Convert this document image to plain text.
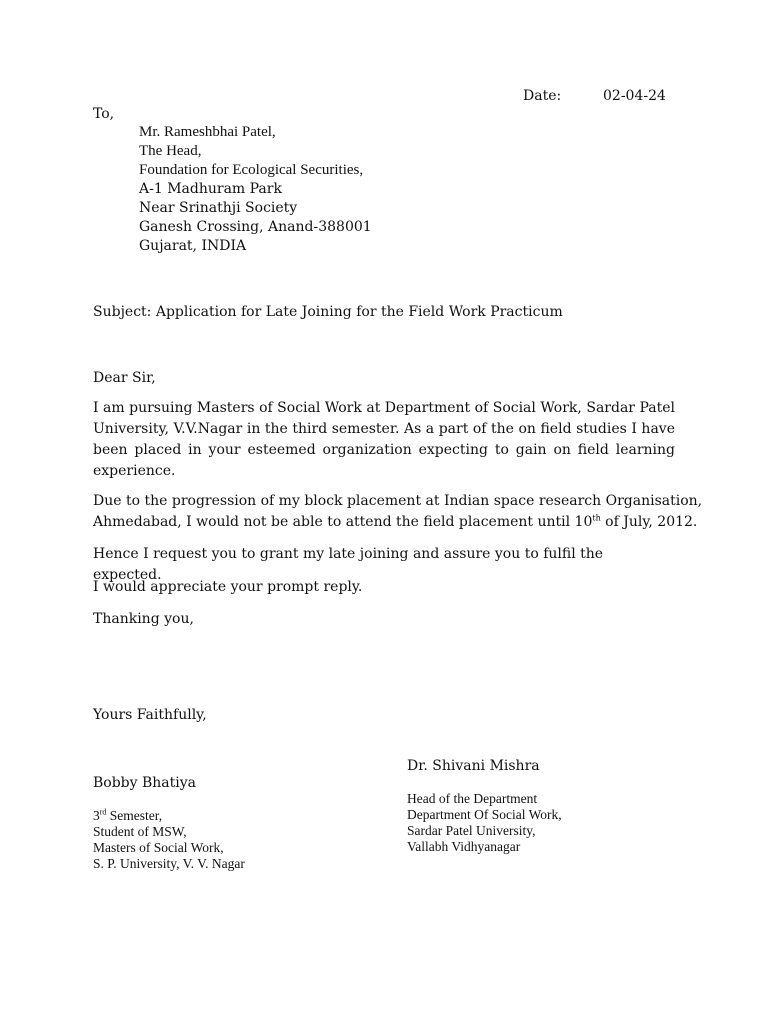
Date:	02-04-24
To,
Mr. Rameshbhai Patel,
The Head,
Foundation for Ecological Securities,
A-1 Madhuram Park
Near Srinathji Society
Ganesh Crossing, Anand-388001
Gujarat, INDIA
Subject: Application for Late Joining for the Field Work Practicum
Dear Sir,
I am pursuing Masters of Social Work at Department of Social Work, Sardar Patel
University, V.V.Nagar in the third semester. As a part of the on field studies I have
been placed in your esteemed organization expecting to gain on field learning
experience.
Due to the progression of my block placement at Indian space research Organisation,
Ahmedabad, I would not be able to attend the field placement until 10th of July, 2012.
Hence I request you to grant my late joining and assure you to fulfil the expected.
I would appreciate your prompt reply.
Thanking you,
Yours Faithfully,
Dr. Shivani Mishra
Bobby Bhatiya
3rd Semester,
Student of MSW,
Masters of Social Work,
S. P. University, V. V. Nagar
Head of the Department
Department Of Social Work,
Sardar Patel University,
Vallabh Vidhyanagar
